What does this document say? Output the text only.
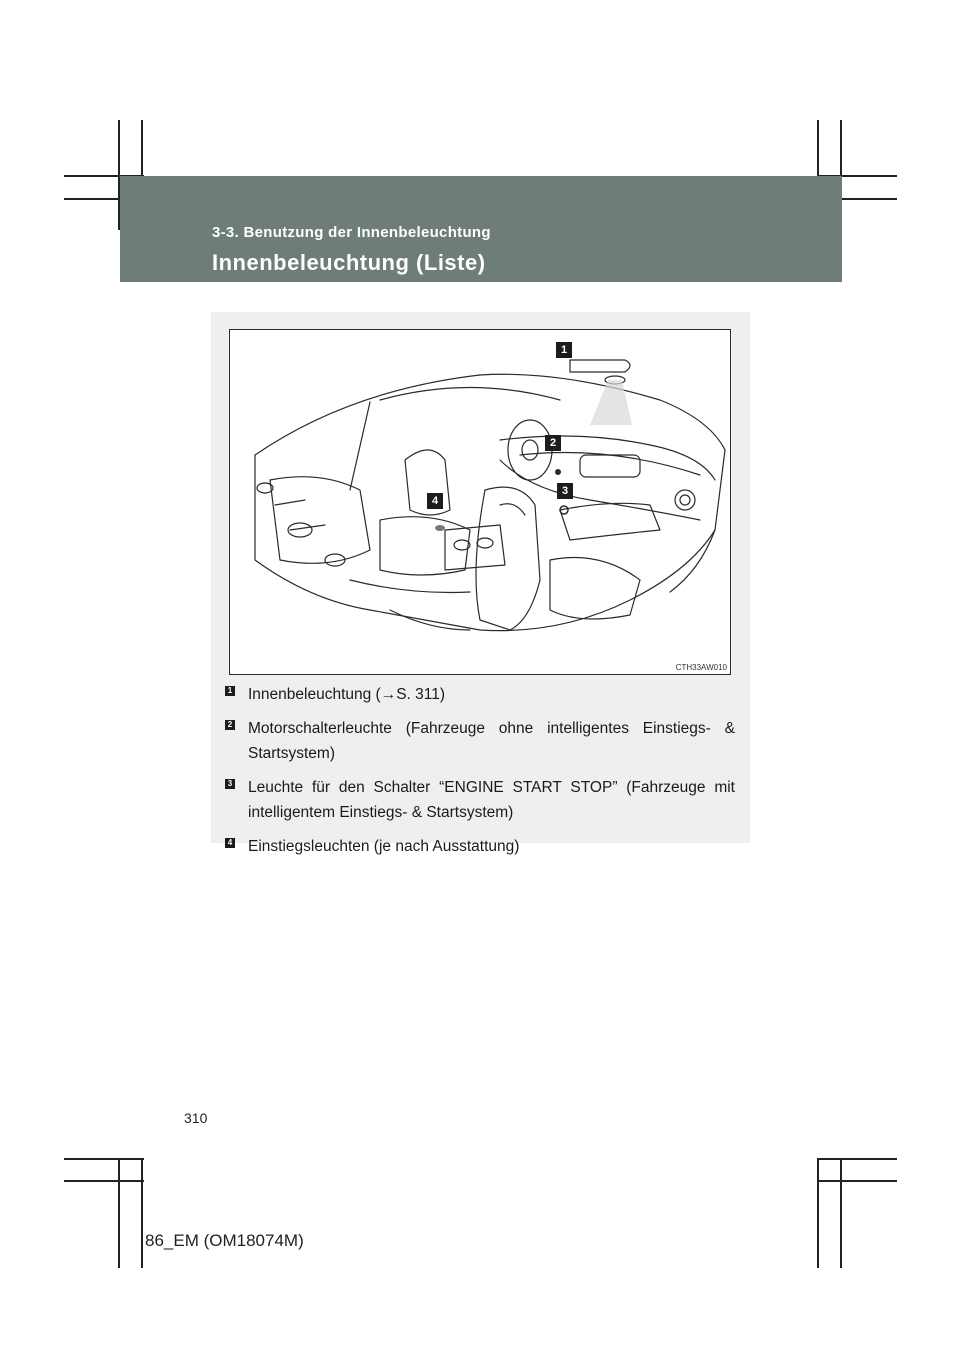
3-3. Benutzung der Innenbeleuchtung
Innenbeleuchtung (Liste)
1
2
3
4
CTH33AW010
1 Innenbeleuchtung (→S. 311)
2 Motorschalterleuchte (Fahrzeuge ohne intelligentes Einstiegs- & Startsystem)
3 Leuchte für den Schalter “ENGINE START STOP” (Fahrzeuge mit intelligentem Einstiegs- & Startsystem)
4 Einstiegsleuchten (je nach Ausstattung)
310
86_EM (OM18074M)
